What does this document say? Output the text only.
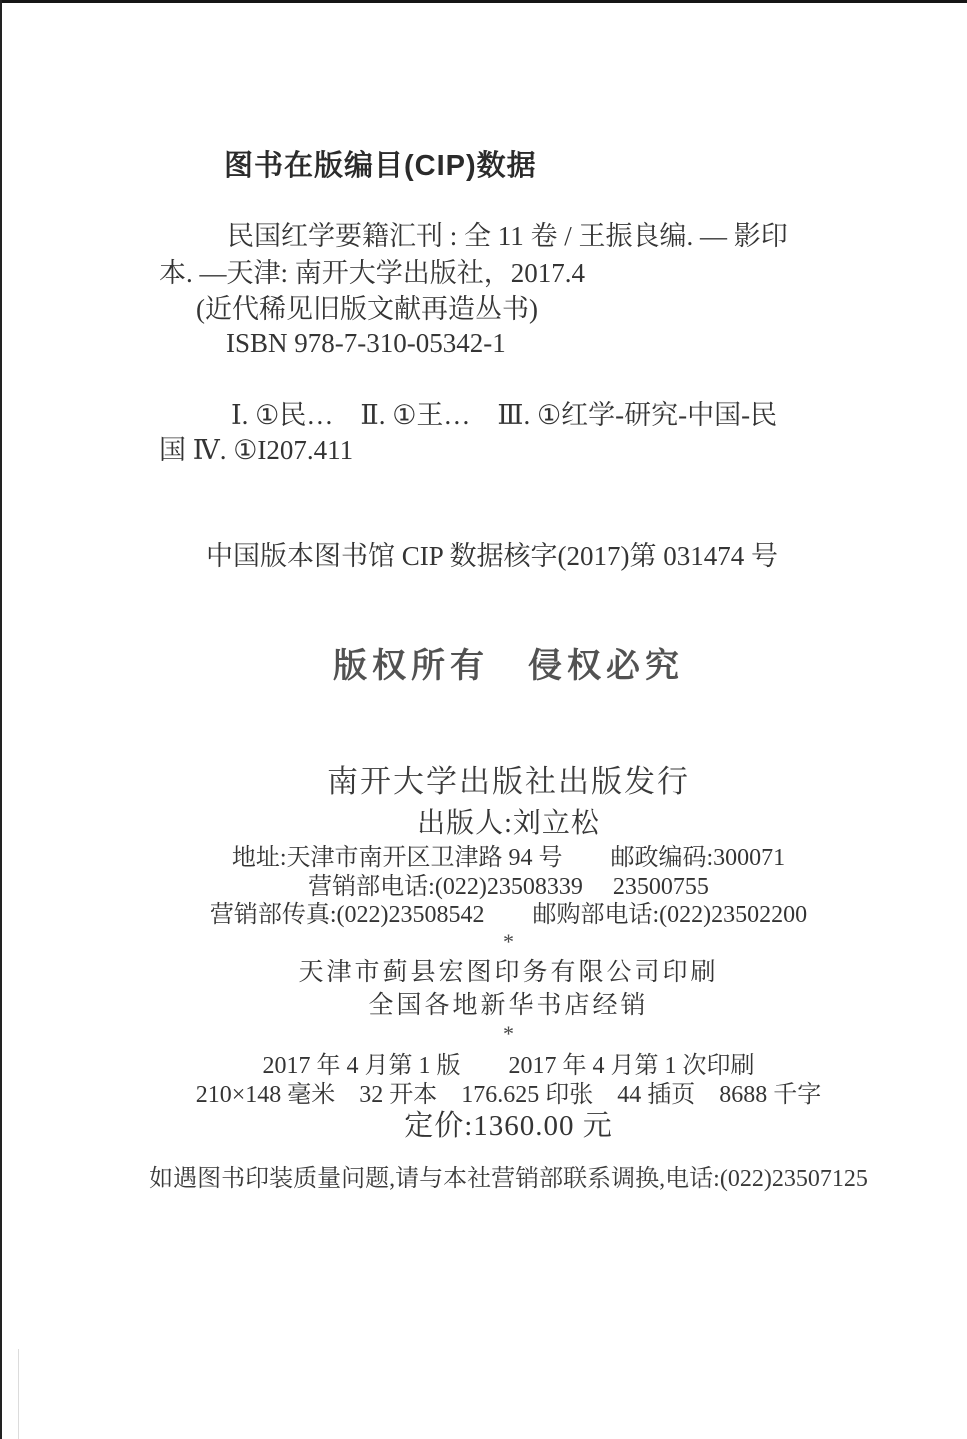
图书在版编目(CIP)数据
民国红学要籍汇刊 : 全 11 卷 / 王振良编. — 影印
本. —天津: 南开大学出版社，2017.4
(近代稀见旧版文献再造丛书)
ISBN 978-7-310-05342-1
Ⅰ. ①民…　Ⅱ. ①王…　Ⅲ. ①红学-研究-中国-民
国 Ⅳ. ①I207.411
中国版本图书馆 CIP 数据核字(2017)第 031474 号
版权所有　侵权必究
南开大学出版社出版发行
出版人:刘立松
地址:天津市南开区卫津路 94 号　　邮政编码:300071
营销部电话:(022)23508339　 23500755
营销部传真:(022)23508542　　邮购部电话:(022)23502200
*
天津市蓟县宏图印务有限公司印刷
全国各地新华书店经销
*
2017 年 4 月第 1 版　　2017 年 4 月第 1 次印刷
210×148 毫米　32 开本　176.625 印张　44 插页　8688 千字
定价:1360.00 元
如遇图书印装质量问题,请与本社营销部联系调换,电话:(022)23507125
